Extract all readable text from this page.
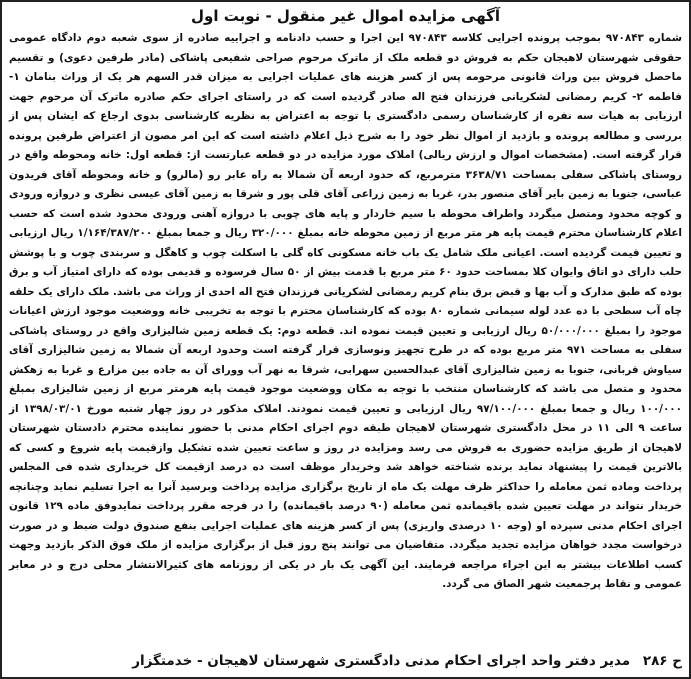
آگهی مزایده اموال غیر منقول - نوبت اول

شماره ۹۷۰۸۴۳ بموجب پرونده اجرایی کلاسه ۹۷۰۸۴۳ این اجرا و حسب دادنامه و اجراییه صادره از سوی شعبه دوم دادگاه عمومی حقوقی شهرستان لاهیجان حکم به فروش دو قطعه ملک از ماترک مرحوم صراحی شفیعی پاشاکی (مادر طرفین دعوی) و تقسیم ماحصل فروش بین وراث قانونی مرحومه پس از کسر هزینه های عملیات اجرایی به میزان قدر السهم هر یک از وراث بنامان ۱- فاطمه ۲- کریم رمضانی لشکریانی فرزندان فتح اله صادر گردیده است که در راستای اجرای حکم صادره ماترک آن مرحوم جهت ارزیابی به هیات سه نفره از کارشناسان رسمی دادگستری با توجه به اعتراض به نظریه کارشناسی بدوی ارجاع که ایشان پس از بررسی و مطالعه پرونده و بازدید از اموال نظر خود را به شرح ذیل اعلام داشته است که این امر مصون از اعتراض طرفین پرونده قرار گرفته است. (مشخصات اموال و ارزش ریالی) املاک مورد مزایده در دو قطعه عبارتست از: قطعه اول: خانه ومحوطه واقع در روستای پاشاکی سفلی بمساحت ۳۶۳۸/۷۱ مترمربع، که حدود اربعه آن شمالا به راه عابر رو (مالرو) و خانه ومحوطه آقای فریدون عباسی، جنوبا به زمین بایر آقای منصور بدر، غربا به زمین زراعی آقای قلی پور و شرقا به زمین آقای عیسی نظری و دروازه ورودی و کوچه محدود ومتصل میگردد واطراف محوطه با سیم خاردار و پایه های چوبی با دروازه آهنی ورودی محدود شده است که حسب اعلام کارشناسان محترم قیمت پایه هر متر مربع از زمین محوطه خانه بمبلغ ۳۲۰/۰۰۰ ریال و جمعا بمبلغ ۱/۱۶۴/۳۸۷/۲۰۰ ریال ارزیابی و تعیین قیمت گردیده است. اعیانی ملک شامل یک باب خانه مسکونی کاه گلی با اسکلت چوب و کاهگل و سربندی چوب و با پوشش حلب دارای دو اتاق وایوان کلا بمساحت حدود ۶۰ متر مربع با قدمت بیش از ۵۰ سال فرسوده و قدیمی بوده که دارای امتیاز آب و برق بوده که طبق مدارک و آب بها و قبض برق بنام کریم رمضانی لشکریانی فرزندان فتح اله احدی از وراث می باشد. ملک دارای یک حلقه چاه آب سطحی با ده عدد لوله سیمانی شماره ۸۰ بوده که کارشناسان محترم با توجه به تخریبی خانه ووضعیت موجود ارزش اعیانات موجود را بمبلغ ۵۰/۰۰۰/۰۰۰ ریال ارزیابی و تعیین قیمت نموده اند. قطعه دوم: یک قطعه زمین شالیزاری واقع در روستای پاشاکی سفلی به مساحت ۹۷۱ متر مربع بوده که در طرح تجهیز ونوسازی قرار گرفته است وحدود اربعه آن شمالا به زمین شالیزاری آقای سیاوش قربانی، جنوبا به زمین شالیزاری آقای عبدالحسین سهرابی، شرقا به نهر آب وورای آن به جاده بین مزارع و غربا به زهکش محدود و متصل می باشد که کارشناسان منتخب با توجه به مکان ووضعیت موجود قیمت پایه هرمتر مربع از زمین شالیزاری بمبلغ ۱۰۰/۰۰۰ ریال و جمعا بمبلغ ۹۷/۱۰۰/۰۰۰ ریال ارزیابی و تعیین قیمت نمودند. املاک مذکور در روز چهار شنبه مورخ ۱۳۹۸/۰۳/۰۱ از ساعت ۹ الی ۱۱ در محل دادگستری شهرستان لاهیجان طبقه دوم اجرای احکام مدنی با حضور نماینده محترم دادستان شهرستان لاهیجان از طریق مزایده حضوری به فروش می رسد ومزایده در روز و ساعت تعیین شده تشکیل وازقیمت پایه شروع و کسی که بالاترین قیمت را پیشنهاد نماید برنده شناخته خواهد شد وخریدار موظف است ده درصد ازقیمت کل خریداری شده فی المجلس پرداخت وماده ثمن معامله را حداکثر ظرف مهلت یک ماه از تاریخ برگزاری مزایده پرداخت وبرسید آنرا به اجرا تسلیم نماید وچنانچه خریدار نتواند در مهلت تعیین شده باقیمانده ثمن معامله (۹۰ درصد باقیمانده) را در فرجه مقرر پرداخت نمایدوفق ماده ۱۲۹ قانون اجرای احکام مدنی سپرده او (وجه ۱۰ درصدی واریزی) پس از کسر هزینه های عملیات اجرایی بنفع صندوق دولت ضبط و در صورت درخواست مجدد خواهان مزایده تجدید میگردد. متقاضیان می توانند پنج روز قبل از برگزاری مزایده از ملک فوق الذکر بازدید وجهت کسب اطلاعات بیشتر به این اجراء مراجعه فرمایند. این آگهی یک بار در یکی از روزنامه های کثیرالانتشار محلی درج و در معابر عمومی و نقاط پرجمعیت شهر الصاق می گردد.

ح ۲۸۶ مدیر دفتر واحد اجرای احکام مدنی دادگستری شهرستان لاهیجان - خدمتگزار
